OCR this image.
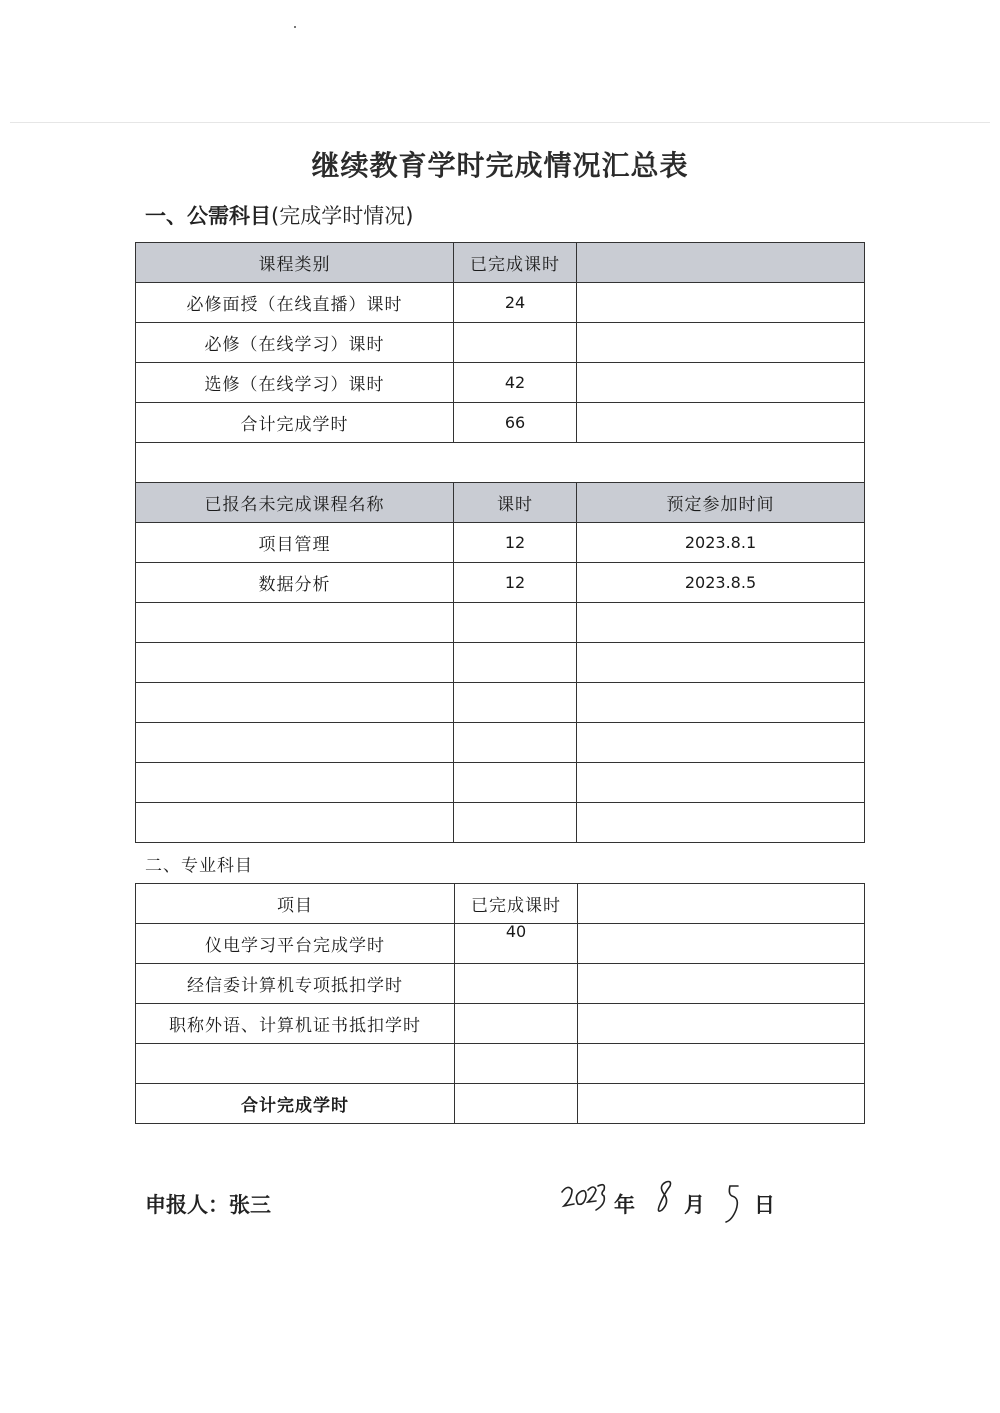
继续教育学时完成情况汇总表
一、公需科目(完成学时情况)
课程类别	已完成课时	
必修面授（在线直播）课时	24	
必修（在线学习）课时		
选修（在线学习）课时	42	
合计完成学时	66	

已报名未完成课程名称	课时	预定参加时间
项目管理	12	2023.8.1
数据分析	12	2023.8.5

二、专业科目
项目	已完成课时	
仪电学习平台完成学时	40	
经信委计算机专项抵扣学时		
职称外语、计算机证书抵扣学时		

合计完成学时		
申报人：张三	年 月 日
